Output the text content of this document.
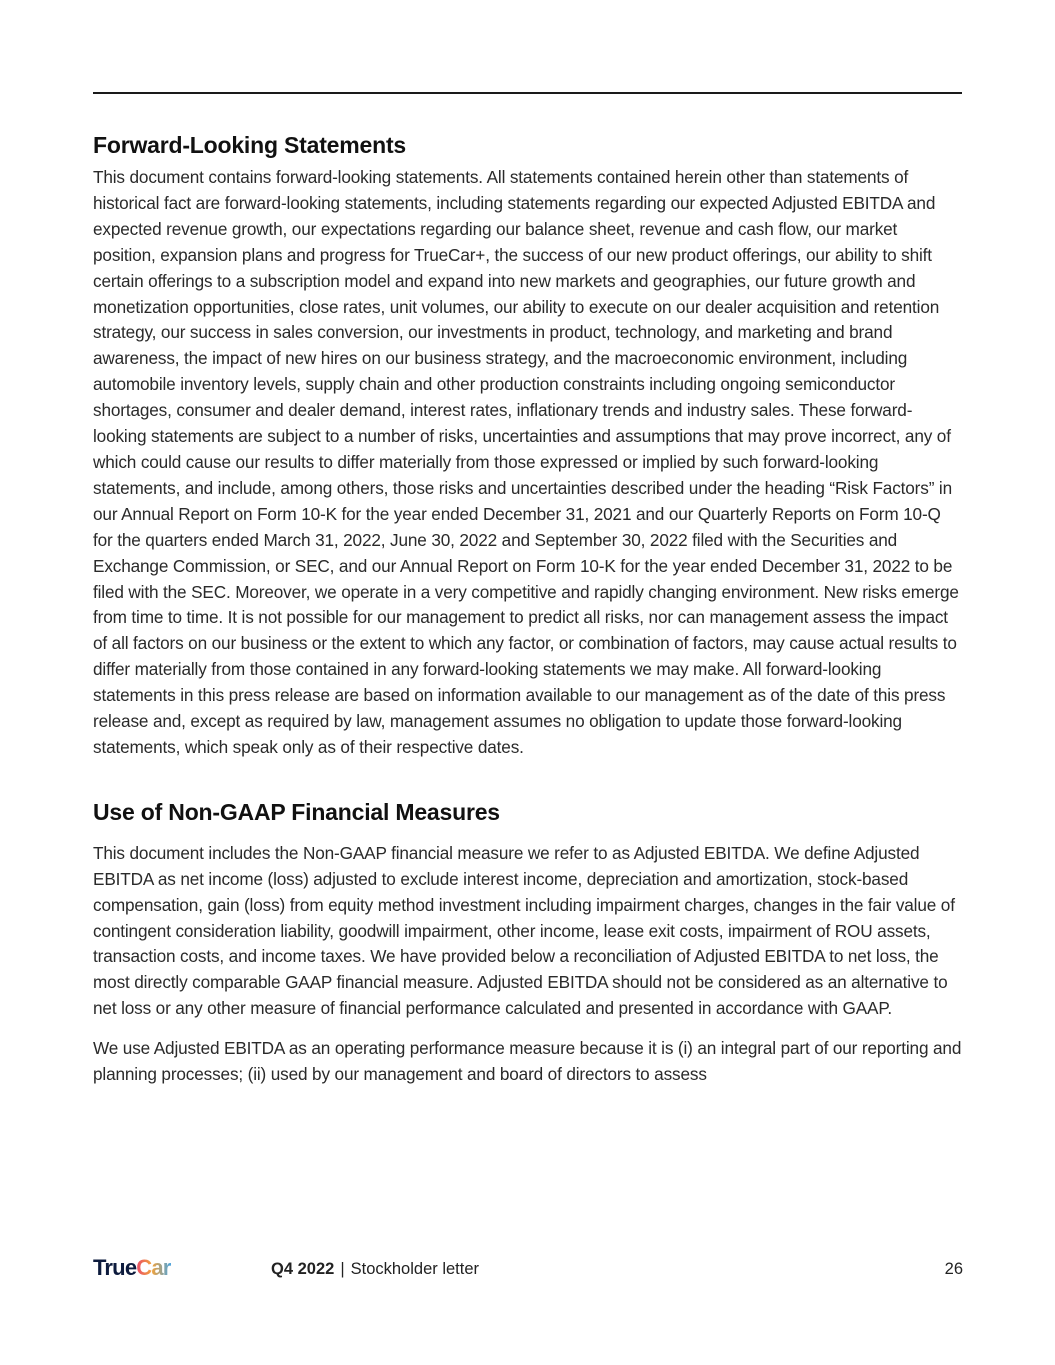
Forward-Looking Statements

This document contains forward-looking statements. All statements contained herein other than statements of historical fact are forward-looking statements, including statements regarding our expected Adjusted EBITDA and expected revenue growth, our expectations regarding our balance sheet, revenue and cash flow, our market position, expansion plans and progress for TrueCar+, the success of our new product offerings, our ability to shift certain offerings to a subscription model and expand into new markets and geographies, our future growth and monetization opportunities, close rates, unit volumes, our ability to execute on our dealer acquisition and retention strategy, our success in sales conversion, our investments in product, technology, and marketing and brand awareness, the impact of new hires on our business strategy, and the macroeconomic environment, including automobile inventory levels, supply chain and other production constraints including ongoing semiconductor shortages, consumer and dealer demand, interest rates, inflationary trends and industry sales. These forward-looking statements are subject to a number of risks, uncertainties and assumptions that may prove incorrect, any of which could cause our results to differ materially from those expressed or implied by such forward-looking statements, and include, among others, those risks and uncertainties described under the heading “Risk Factors” in our Annual Report on Form 10-K for the year ended December 31, 2021 and our Quarterly Reports on Form 10-Q for the quarters ended March 31, 2022, June 30, 2022 and September 30, 2022 filed with the Securities and Exchange Commission, or SEC, and our Annual Report on Form 10-K for the year ended December 31, 2022 to be filed with the SEC. Moreover, we operate in a very competitive and rapidly changing environment. New risks emerge from time to time. It is not possible for our management to predict all risks, nor can management assess the impact of all factors on our business or the extent to which any factor, or combination of factors, may cause actual results to differ materially from those contained in any forward-looking statements we may make. All forward-looking statements in this press release are based on information available to our management as of the date of this press release and, except as required by law, management assumes no obligation to update those forward-looking statements, which speak only as of their respective dates.

Use of Non-GAAP Financial Measures

This document includes the Non-GAAP financial measure we refer to as Adjusted EBITDA. We define Adjusted EBITDA as net income (loss) adjusted to exclude interest income, depreciation and amortization, stock-based compensation, gain (loss) from equity method investment including impairment charges, changes in the fair value of contingent consideration liability, goodwill impairment, other income, lease exit costs, impairment of ROU assets, transaction costs, and income taxes. We have provided below a reconciliation of Adjusted EBITDA to net loss, the most directly comparable GAAP financial measure. Adjusted EBITDA should not be considered as an alternative to net loss or any other measure of financial performance calculated and presented in accordance with GAAP.

We use Adjusted EBITDA as an operating performance measure because it is (i) an integral part of our reporting and planning processes; (ii) used by our management and board of directors to assess

TrueCar	Q4 2022 | Stockholder letter	26
